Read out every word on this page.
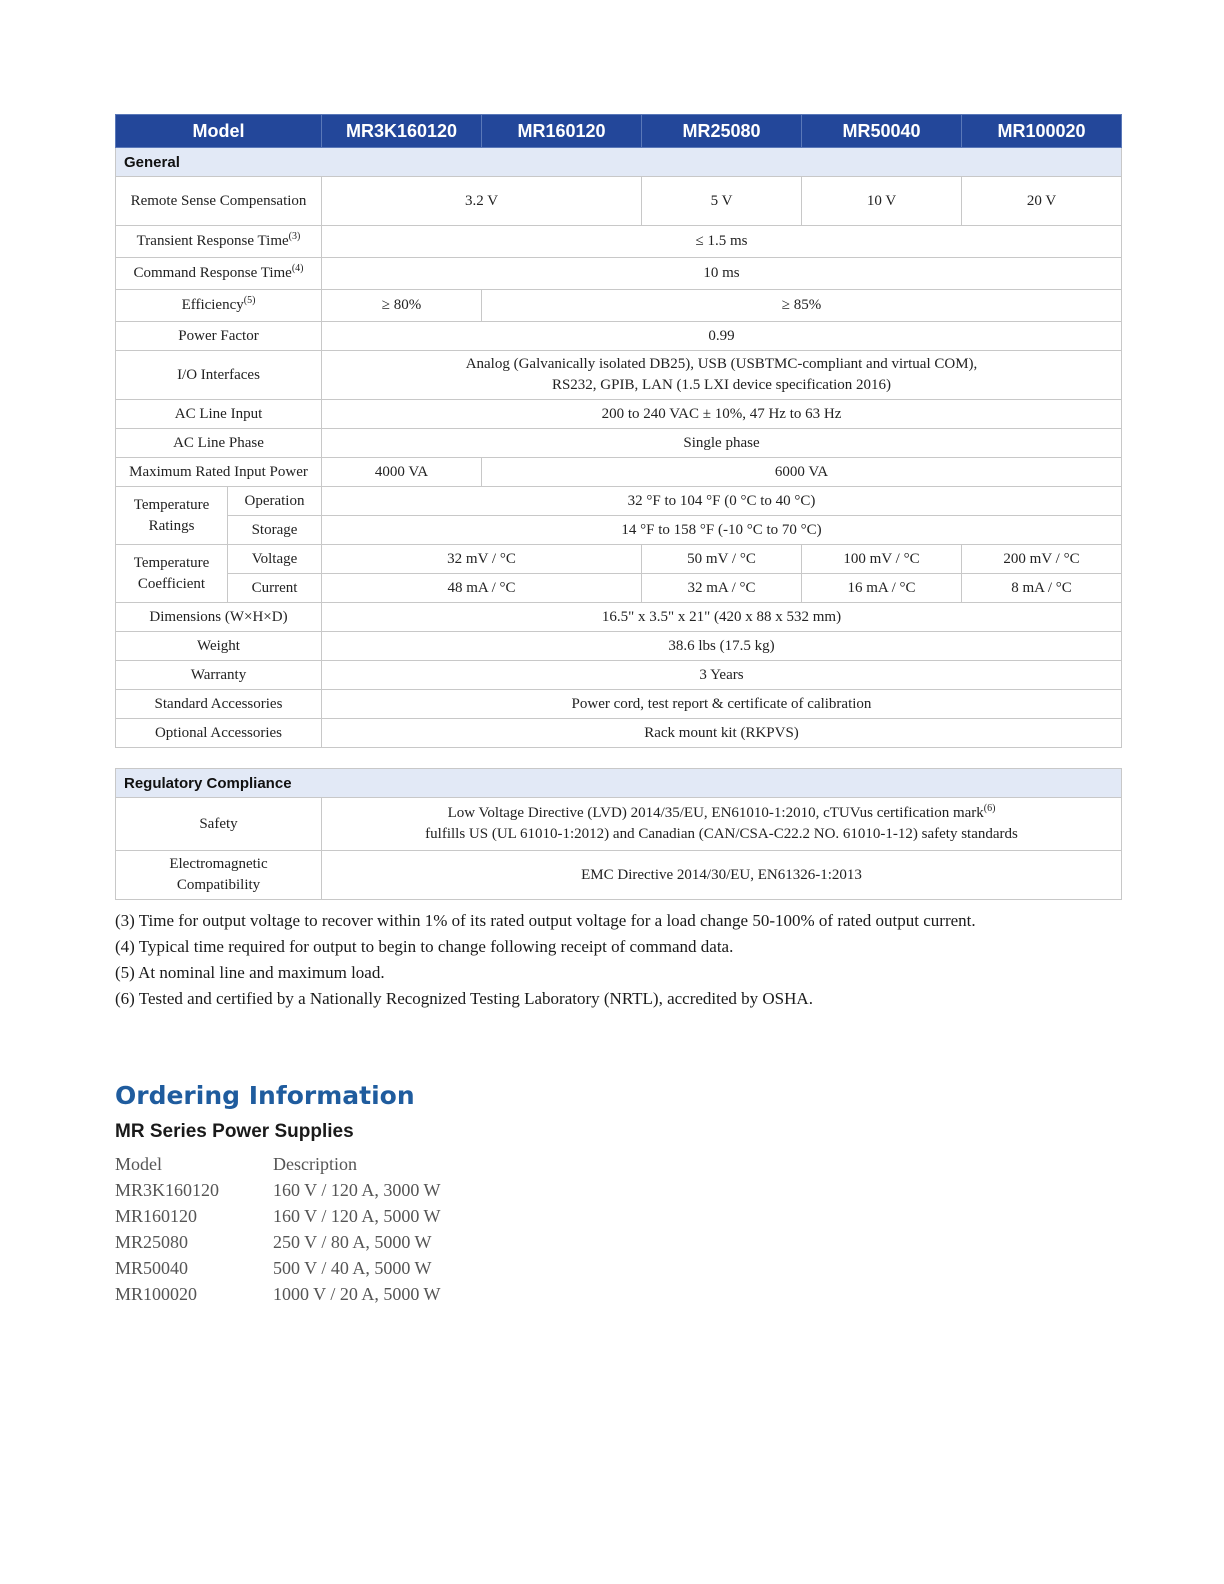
Model		MR3K160120	MR160120	MR25080	MR50040	MR100020
General						
Remote Sense Compensation		3.2 V		5 V	10 V	20 V
Transient Response Time$^{(3)}$		≤ 1.5 ms				
Command Response Time$^{(4)}$		10 ms				
Efficiency$^{(5)}$		≥ 80%	≥ 85%			
Power Factor		0.99				
I/O Interfaces		Analog (Galvanically isolated DB25), USB (USBTMC-compliant and virtual COM),
RS232, GPIB, LAN (1.5 LXI device specification 2016)				

AC Line Input		200 to 240 VAC ± 10%, 47 Hz to 63 Hz				
AC Line Phase		Single phase				
Maximum Rated Input Power		4000 VA	6000 VA			
Temperature Ratings	Operation	32 °F to 104 °F (0 °C to 40 °C)				
	Storage	14 °F to 158 °F (-10 °C to 70 °C)				
Temperature Coefficient	Voltage	32 mV / °C		50 mV / °C	100 mV / °C	200 mV / °C
	Current	48 mA / °C		32 mA / °C	16 mA / °C	8 mA / °C
Dimensions (W×H×D)		16.5" x 3.5" x 21" (420 x 88 x 532 mm)				
Weight		38.6 lbs (17.5 kg)				
Warranty		3 Years				
Standard Accessories		Power cord, test report & certificate of calibration				
Optional Accessories		Rack mount kit (RKPVS)				
Regulatory Compliance	
Safety	Low Voltage Directive (LVD) 2014/35/EU, EN61010-1:2010, cTUVus certification mark$^{(6)}$
fulfills US (UL 61010-1:2012) and Canadian (CAN/CSA-C22.2 NO. 61010-1-12) safety standards

Electromagnetic Compatibility	EMC Directive 2014/30/EU, EN61326-1:2013
(3) Time for output voltage to recover within 1% of its rated output voltage for a load change 50-100% of rated output current.
(4) Typical time required for output to begin to change following receipt of command data.
(5) At nominal line and maximum load.
(6) Tested and certified by a Nationally Recognized Testing Laboratory (NRTL), accredited by OSHA.
Ordering Information
MR Series Power Supplies
Model	Description
MR3K160120	160 V / 120 A, 3000 W
MR160120	160 V / 120 A, 5000 W
MR25080	250 V / 80 A, 5000 W
MR50040	500 V / 40 A, 5000 W
MR100020	1000 V / 20 A, 5000 W
